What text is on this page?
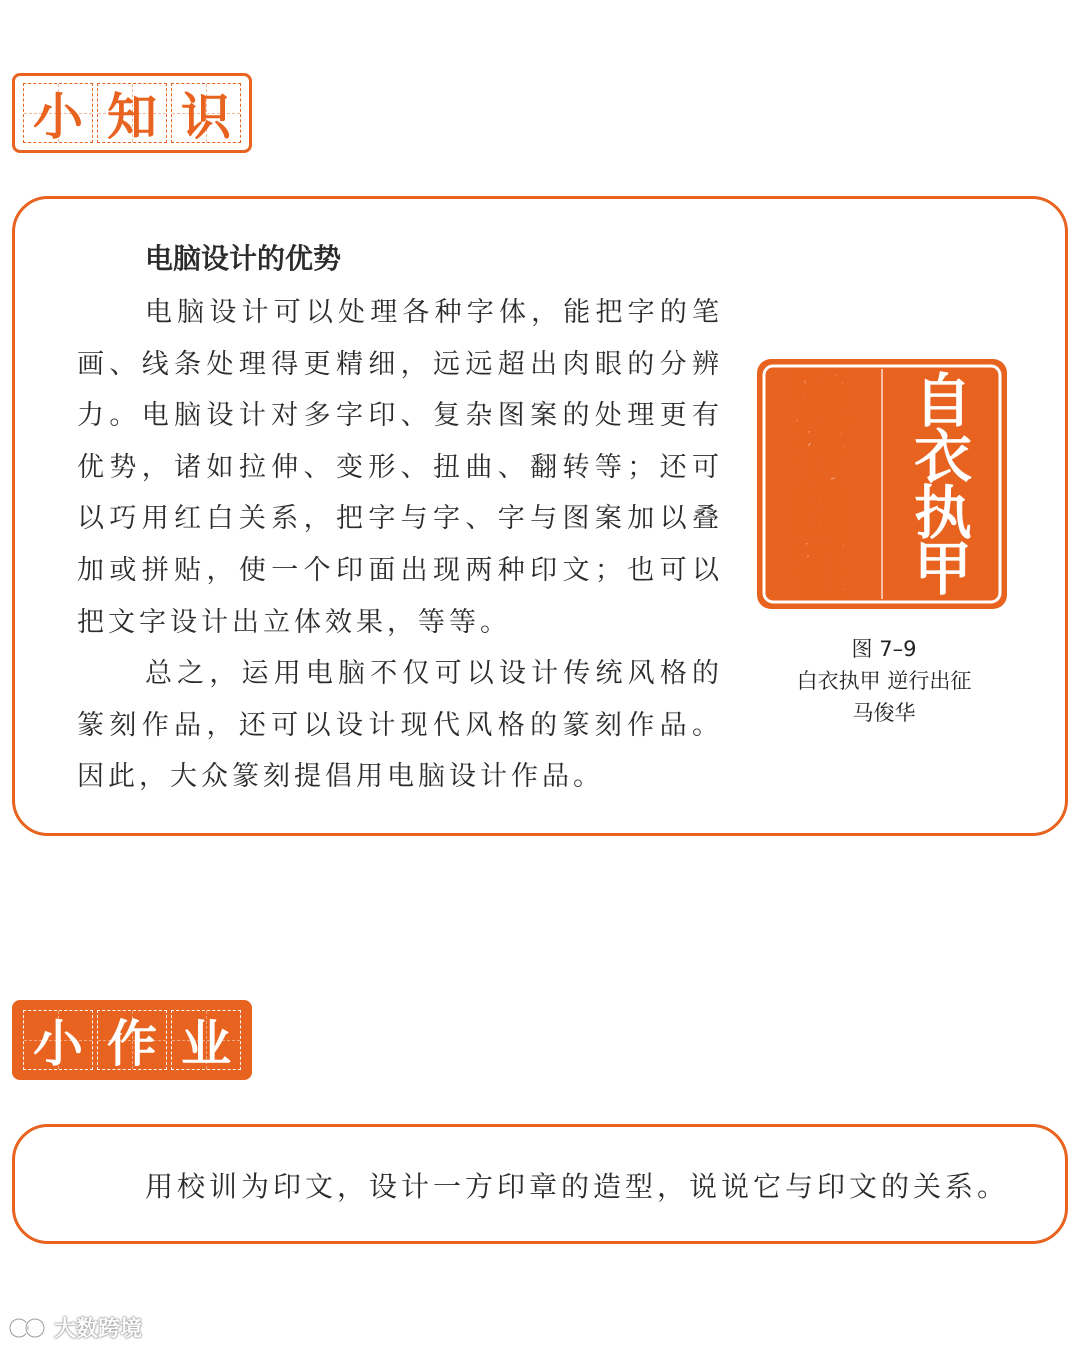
小 知 识
电脑设计的优势

电脑设计可以处理各种字体，能把字的笔画、线条处理得更精细，远远超出肉眼的分辨力。电脑设计对多字印、复杂图案的处理更有优势，诸如拉伸、变形、扭曲、翻转等；还可以巧用红白关系，把字与字、字与图案加以叠加或拼贴，使一个印面出现两种印文；也可以把文字设计出立体效果，等等。

总之，运用电脑不仅可以设计传统风格的篆刻作品，还可以设计现代风格的篆刻作品。因此，大众篆刻提倡用电脑设计作品。

自
衣
执
甲
逆
行
出
征
图 7–9
白衣执甲 逆行出征
马俊华
小 作 业
用校训为印文，设计一方印章的造型，说说它与印文的关系。
大数跨境
